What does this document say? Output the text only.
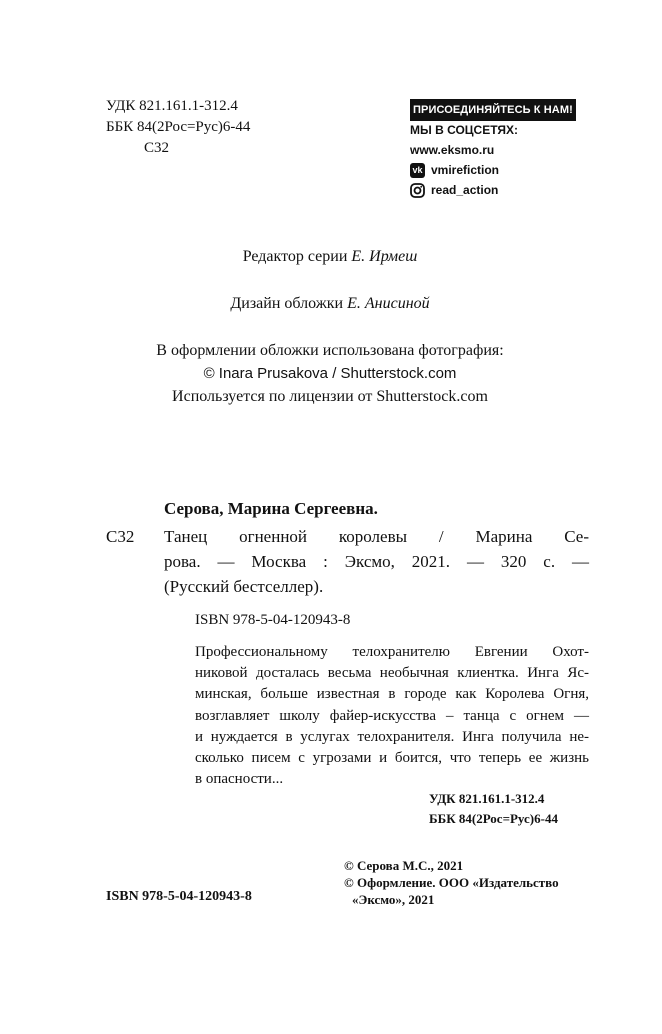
УДК 821.161.1-312.4
ББК 84(2Рос=Рус)6-44
С32
ПРИСОЕДИНЯЙТЕСЬ К НАМ!
МЫ В СОЦСЕТЯХ:
www.eksmo.ru
vk vmirefiction
read_action
Редактор серии Е. Ирмеш
Дизайн обложки Е. Анисиной
В оформлении обложки использована фотография:
© Inara Prusakova / Shutterstock.com
Используется по лицензии от Shutterstock.com
Серова, Марина Сергеевна.
С32 Танец огненной королевы / Марина Се-
рова. — Москва : Эксмо, 2021. — 320 с. —
(Русский бестселлер).
ISBN 978-5-04-120943-8
Профессиональному телохранителю Евгении Охот-
никовой досталась весьма необычная клиентка. Инга Яс-
минская, больше известная в городе как Королева Огня,
возглавляет школу файер-искусства – танца с огнем —
и нуждается в услугах телохранителя. Инга получила не-
сколько писем с угрозами и боится, что теперь ее жизнь
в опасности...
УДК 821.161.1-312.4
ББК 84(2Рос=Рус)6-44
© Серова М.С., 2021
© Оформление. ООО «Издательство
«Эксмо», 2021
ISBN 978-5-04-120943-8
